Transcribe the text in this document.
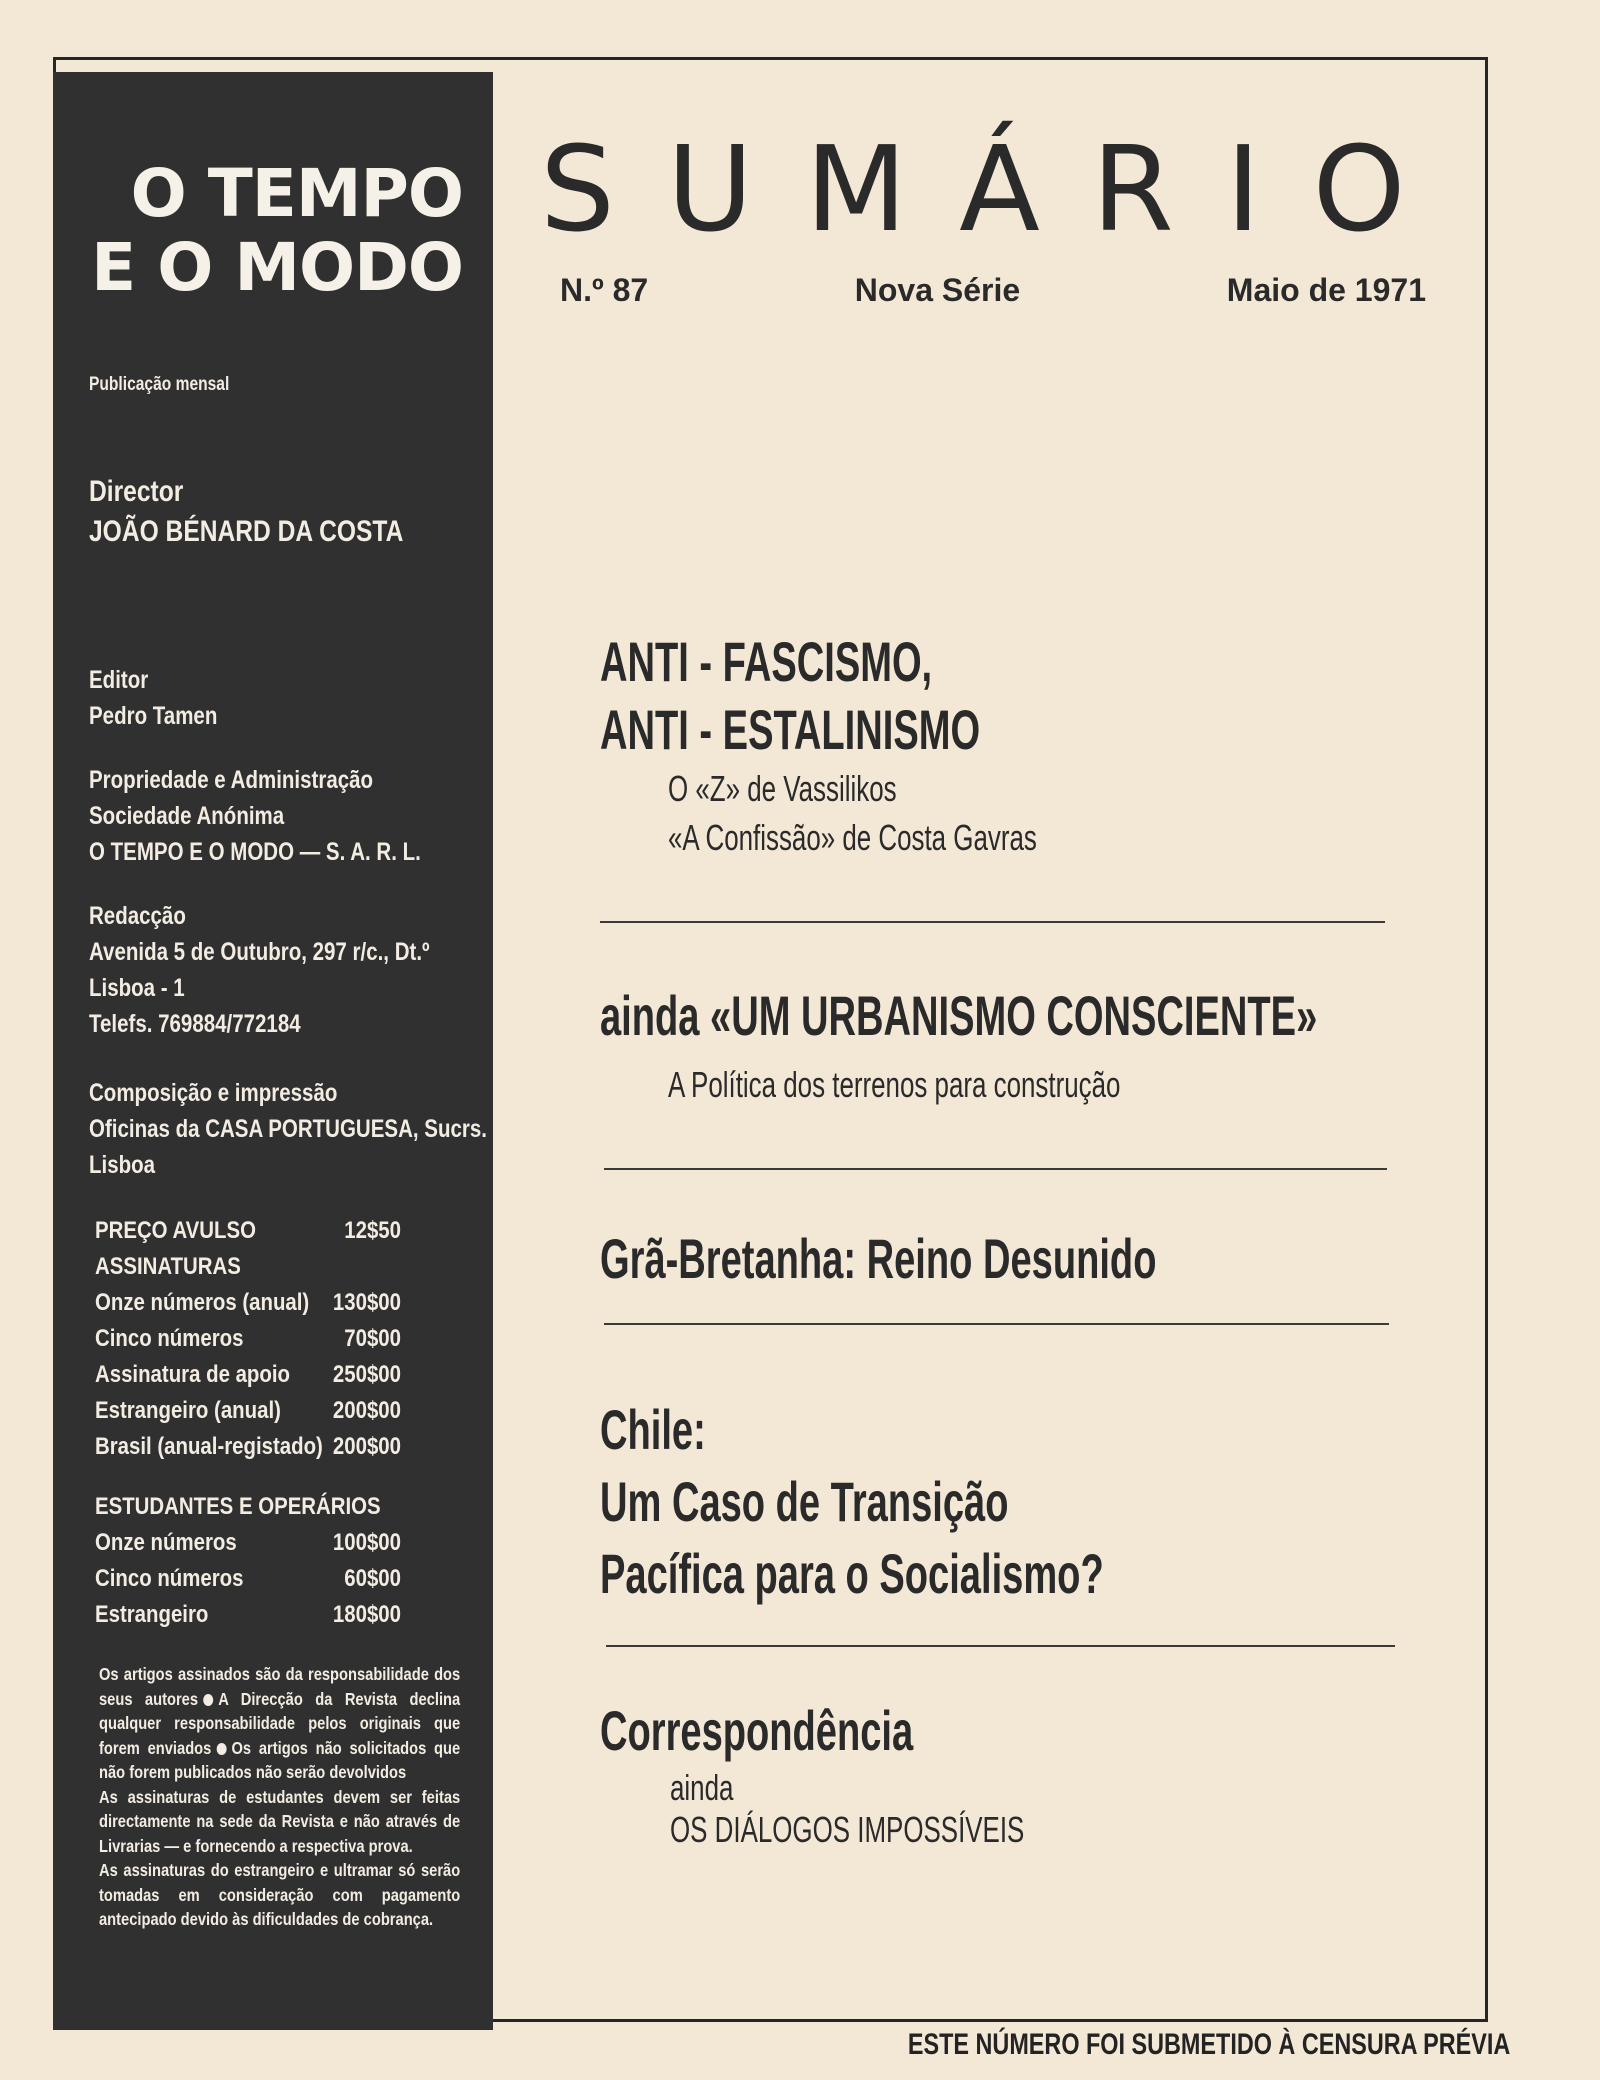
O TEMPO
E O MODO
Publicação mensal
Director
JOÃO BÉNARD DA COSTA
Editor
Pedro Tamen
Propriedade e Administração
Sociedade Anónima
O TEMPO E O MODO — S. A. R. L.
Redacção
Avenida 5 de Outubro, 297 r/c., Dt.º
Lisboa - 1
Telefs. 769884/772184
Composição e impressão
Oficinas da CASA PORTUGUESA, Sucrs.
Lisboa
PREÇO AVULSO	12$50
ASSINATURAS
Onze números (anual) 130$00
Cinco números	70$00
Assinatura de apoio 250$00
Estrangeiro (anual) 200$00
Brasil (anual-registado) 200$00
ESTUDANTES E OPERÁRIOS
Onze números	100$00
Cinco números	60$00
Estrangeiro	180$00

Os artigos assinados são da responsabilidade dos seus autores A Direcção da Revista declina qualquer responsabilidade pelos originais que forem enviados Os artigos não solicitados que não forem publicados não serão devolvidos

As assinaturas de estudantes devem ser feitas directamente na sede da Revista e não através de Livrarias — e fornecendo a respectiva prova.

As assinaturas do estrangeiro e ultramar só serão tomadas em consideração com pagamento antecipado devido às dificuldades de cobrança.

SUMÁRIO
N.º 87	Nova Série	Maio de 1971
ANTI - FASCISMO,
ANTI - ESTALINISMO
O «Z» de Vassilikos
«A Confissão» de Costa Gavras
ainda «UM URBANISMO CONSCIENTE»
A Política dos terrenos para construção
Grã-Bretanha: Reino Desunido
Chile:
Um Caso de Transição
Pacífica para o Socialismo?
Correspondência
ainda
OS DIÁLOGOS IMPOSSÍVEIS
ESTE NÚMERO FOI SUBMETIDO À CENSURA PRÉVIA
